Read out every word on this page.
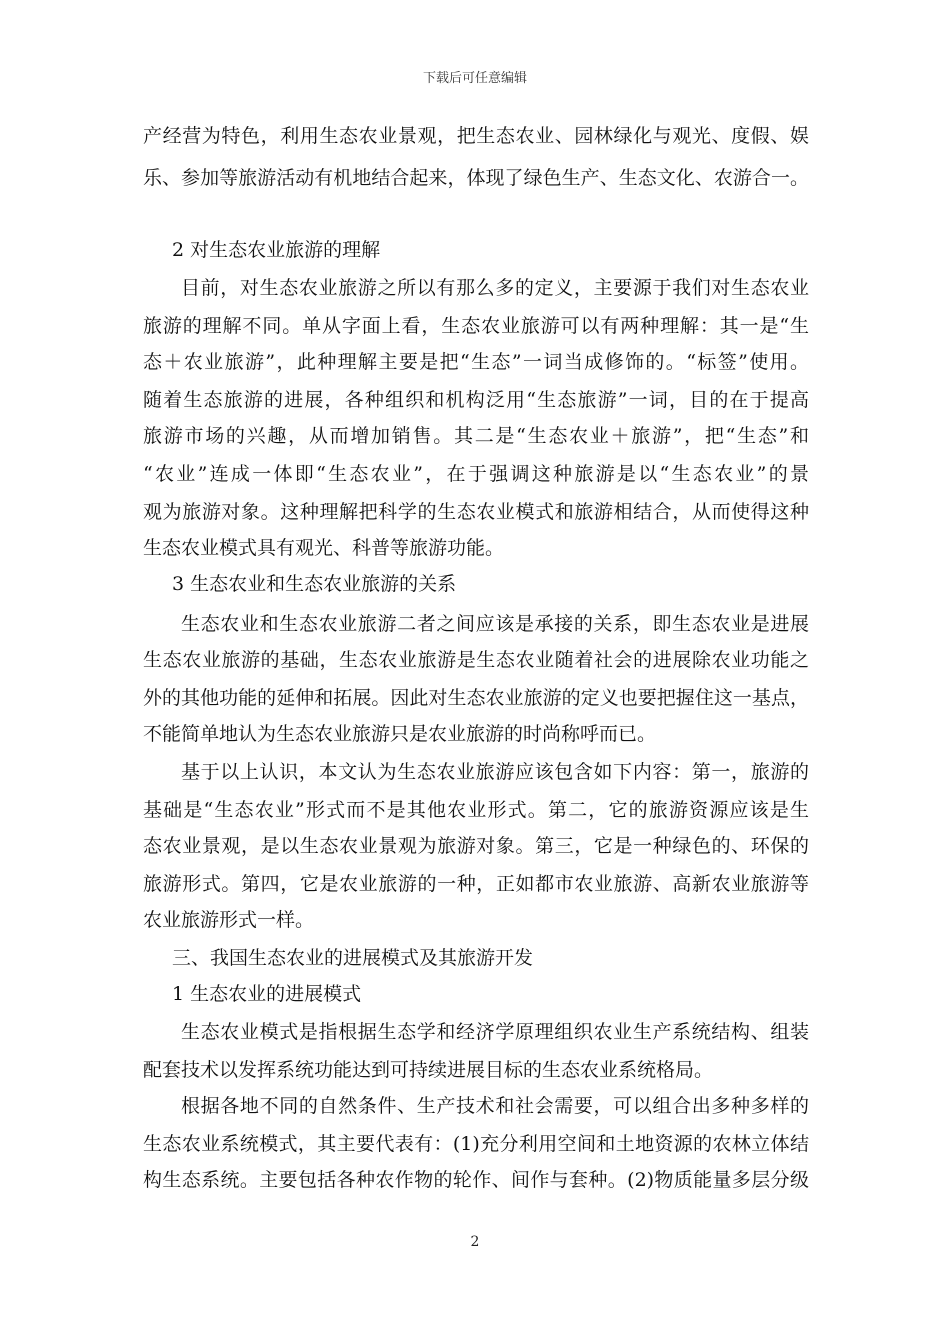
下载后可任意编辑
产经营为特色，利用生态农业景观，把生态农业、园林绿化与观光、度假、娱
乐、参加等旅游活动有机地结合起来，体现了绿色生产、生态文化、农游合一。
2 对生态农业旅游的理解
目前，对生态农业旅游之所以有那么多的定义，主要源于我们对生态农业
旅游的理解不同。单从字面上看，生态农业旅游可以有两种理解：其一是“生
态＋农业旅游”，此种理解主要是把“生态”一词当成修饰的。“标签”使用。
随着生态旅游的进展，各种组织和机构泛用“生态旅游”一词，目的在于提高
旅游市场的兴趣，从而增加销售。其二是“生态农业＋旅游”，把“生态”和
“农业”连成一体即“生态农业”，在于强调这种旅游是以“生态农业”的景
观为旅游对象。这种理解把科学的生态农业模式和旅游相结合，从而使得这种
生态农业模式具有观光、科普等旅游功能。
3 生态农业和生态农业旅游的关系
生态农业和生态农业旅游二者之间应该是承接的关系，即生态农业是进展
生态农业旅游的基础，生态农业旅游是生态农业随着社会的进展除农业功能之
外的其他功能的延伸和拓展。因此对生态农业旅游的定义也要把握住这一基点，
不能简单地认为生态农业旅游只是农业旅游的时尚称呼而已。
基于以上认识，本文认为生态农业旅游应该包含如下内容：第一，旅游的
基础是“生态农业”形式而不是其他农业形式。第二，它的旅游资源应该是生
态农业景观，是以生态农业景观为旅游对象。第三，它是一种绿色的、环保的
旅游形式。第四，它是农业旅游的一种，正如都市农业旅游、高新农业旅游等
农业旅游形式一样。
三、我国生态农业的进展模式及其旅游开发
1 生态农业的进展模式
生态农业模式是指根据生态学和经济学原理组织农业生产系统结构、组装
配套技术以发挥系统功能达到可持续进展目标的生态农业系统格局。
根据各地不同的自然条件、生产技术和社会需要，可以组合出多种多样的
生态农业系统模式，其主要代表有：(1)充分利用空间和土地资源的农林立体结
构生态系统。主要包括各种农作物的轮作、间作与套种。(2)物质能量多层分级
2
